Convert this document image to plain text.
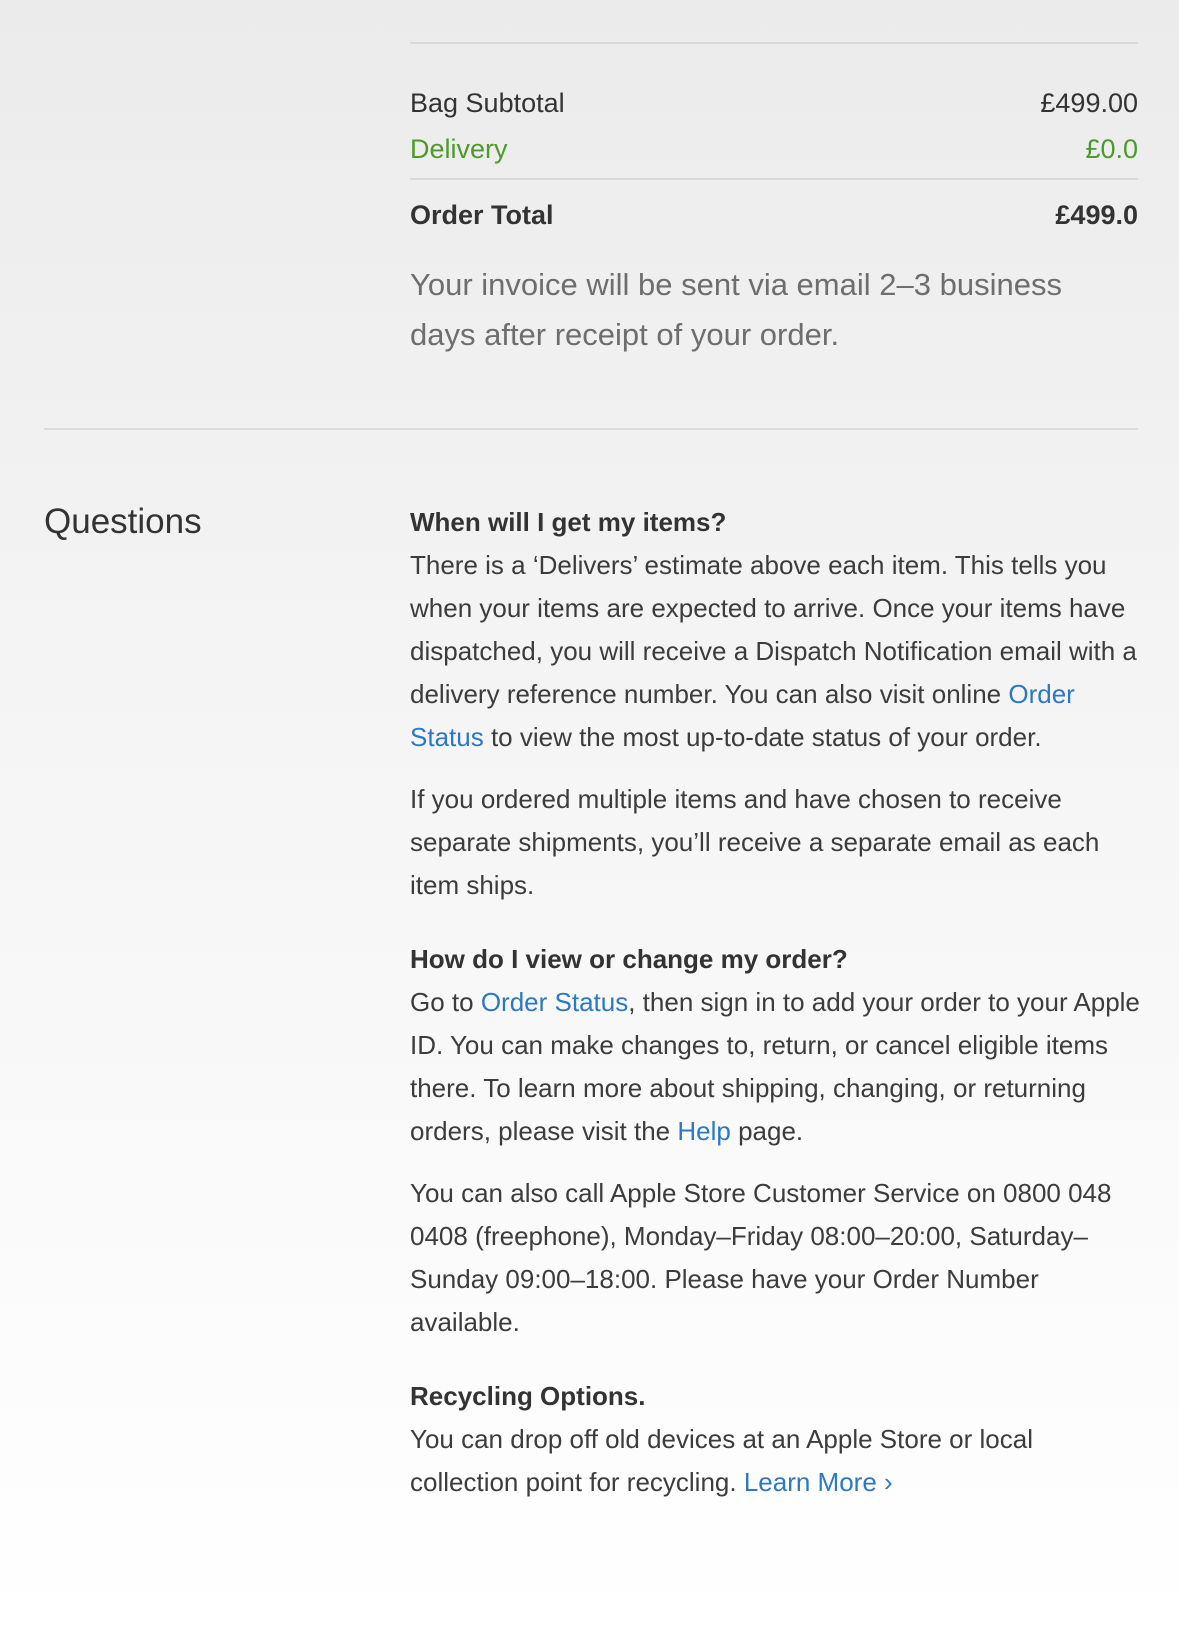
Bag Subtotal	£499.00
Delivery	£0.0
Order Total	£499.0
Your invoice will be sent via email 2–3 business days after receipt of your order.
Questions	When will I get my items?

There is a ‘Delivers’ estimate above each item. This tells you when your items are expected to arrive. Once your items have dispatched, you will receive a Dispatch Notification email with a delivery reference number. You can also visit online Order Status to view the most up-to-date status of your order.

If you ordered multiple items and have chosen to receive separate shipments, you’ll receive a separate email as each item ships.

How do I view or change my order?

Go to Order Status, then sign in to add your order to your Apple ID. You can make changes to, return, or cancel eligible items there. To learn more about shipping, changing, or returning orders, please visit the Help page.

You can also call Apple Store Customer Service on 0800 048 0408 (freephone), Monday–Friday 08:00–20:00, Saturday–Sunday 09:00–18:00. Please have your Order Number available.

Recycling Options.

You can drop off old devices at an Apple Store or local collection point for recycling. Learn More ›
